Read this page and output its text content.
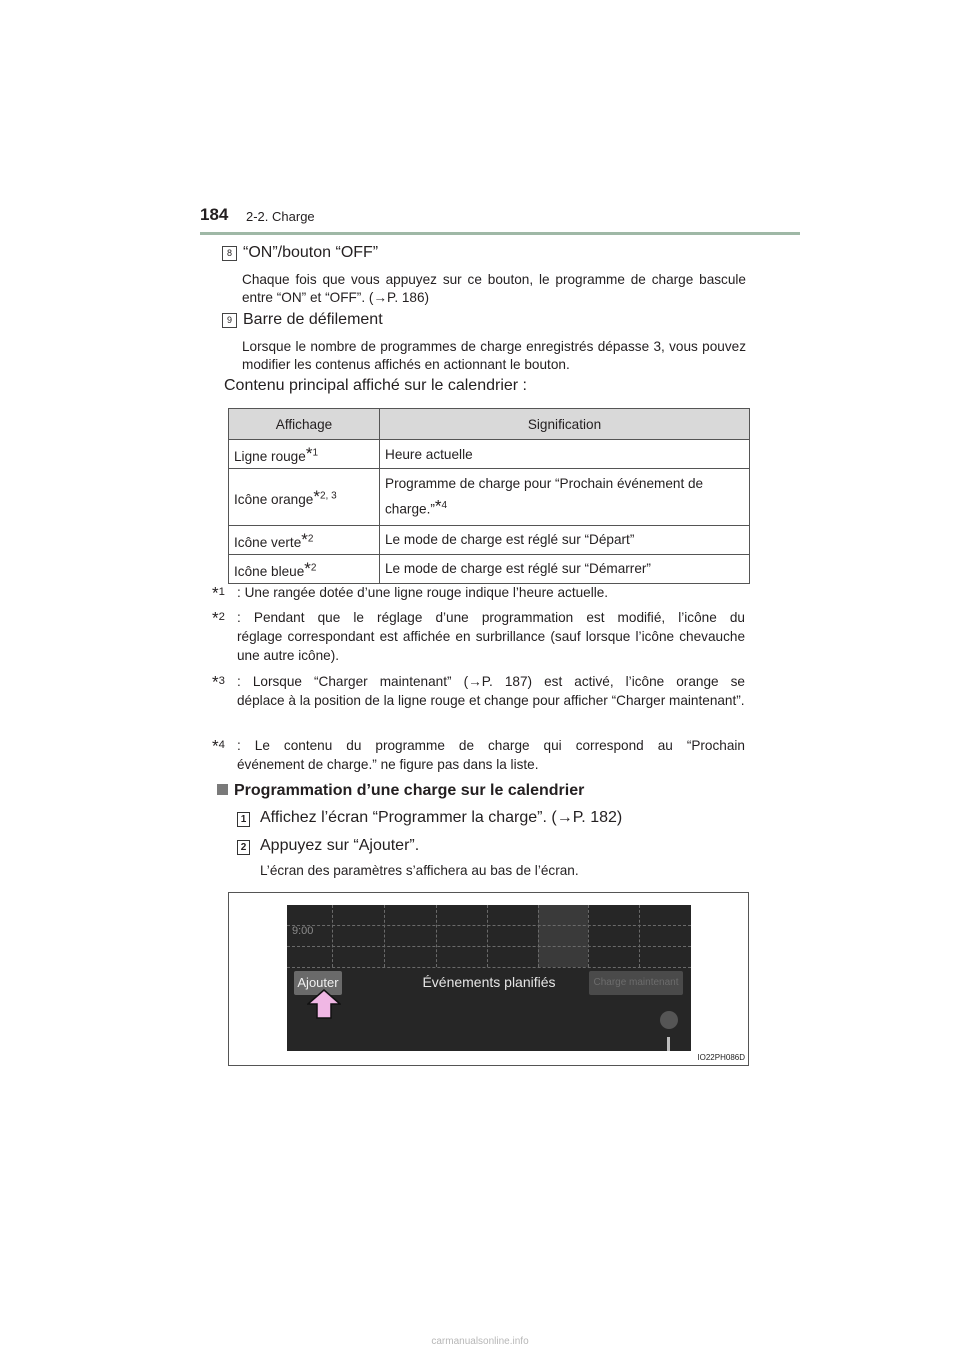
184 2-2. Charge
8 “ON”/bouton “OFF”
Chaque fois que vous appuyez sur ce bouton, le programme de charge bascule entre “ON” et “OFF”. (→P. 186)
9 Barre de défilement
Lorsque le nombre de programmes de charge enregistrés dépasse 3, vous pouvez modifier les contenus affichés en actionnant le bouton.
Contenu principal affiché sur le calendrier :
Affichage	Signification
Ligne rouge*$^1$	Heure actuelle
Icône orange*$^{2, 3}$	Programme de charge pour “Prochain événement de charge.”*$^4$
Icône verte*$^2$	Le mode de charge est réglé sur “Départ”
Icône bleue*$^2$	Le mode de charge est réglé sur “Démarrer”
*$^1$ : Une rangée dotée d’une ligne rouge indique l’heure actuelle.
*$^2$ : Pendant que le réglage d’une programmation est modifié, l’icône du
réglage correspondant est affichée en surbrillance (sauf lorsque l’icône chevauche une autre icône).
*$^3$ : Lorsque “Charger maintenant” (→P. 187) est activé, l’icône orange se
déplace à la position de la ligne rouge et change pour afficher “Charger maintenant”.
*$^4$ : Le contenu du programme de charge qui correspond au “Prochain
événement de charge.” ne figure pas dans la liste.
Programmation d’une charge sur le calendrier
1 Affichez l’écran “Programmer la charge”. (→P. 182)
2 Appuyez sur “Ajouter”.
L’écran des paramètres s’affichera au bas de l’écran.
9:00
Ajouter	Événements planifiés	Charge maintenant
IO22PH086D
carmanualsonline.info
